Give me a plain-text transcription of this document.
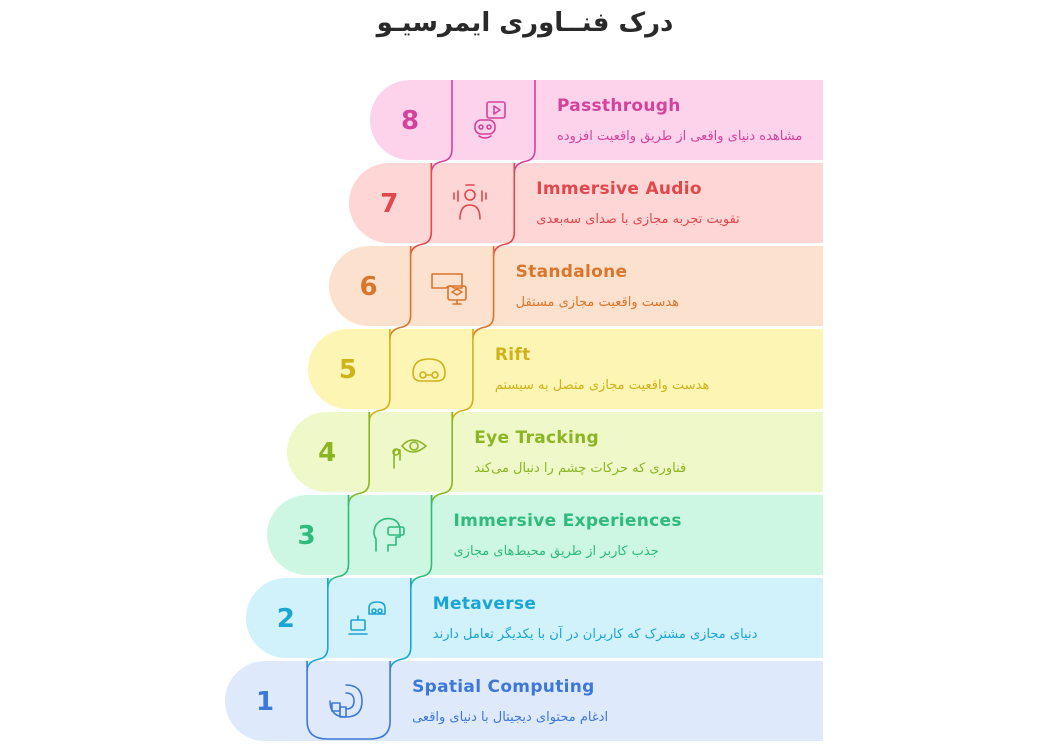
درک فنــاوری ایمرسیـو
8	Passthrough
مشاهده دنیای واقعی از طریق واقعیت افزوده
7	Immersive Audio
تقویت تجربه مجازی با صدای سه‌بعدی
6	Standalone
هدست واقعیت مجازی مستقل
5	Rift
هدست واقعیت مجازی متصل به سیستم
4	Eye Tracking
فناوری که حرکات چشم را دنبال می‌کند
3	Immersive Experiences
جذب کاربر از طریق محیط‌های مجازی
2	Metaverse
دنیای مجازی مشترک که کاربران در آن با یکدیگر تعامل دارند
1	Spatial Computing
ادغام محتوای دیجیتال با دنیای واقعی
